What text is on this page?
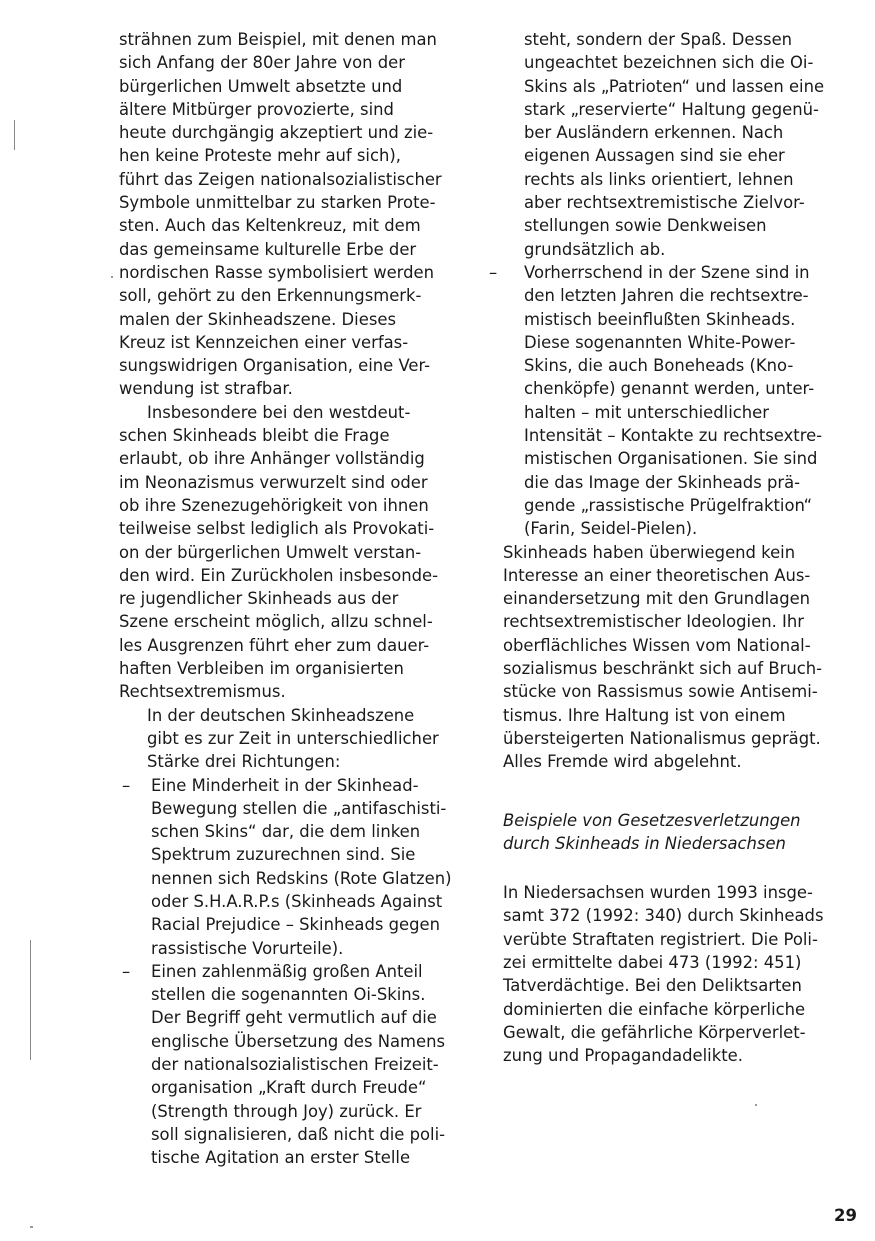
strähnen zum Beispiel, mit denen man
sich Anfang der 80er Jahre von der
bürgerlichen Umwelt absetzte und
ältere Mitbürger provozierte, sind
heute durchgängig akzeptiert und zie-
hen keine Proteste mehr auf sich),
führt das Zeigen nationalsozialistischer
Symbole unmittelbar zu starken Prote-
sten. Auch das Keltenkreuz, mit dem
das gemeinsame kulturelle Erbe der
nordischen Rasse symbolisiert werden
soll, gehört zu den Erkennungsmerk-
malen der Skinheadszene. Dieses
Kreuz ist Kennzeichen einer verfas-
sungswidrigen Organisation, eine Ver-
wendung ist strafbar.
Insbesondere bei den westdeut-
schen Skinheads bleibt die Frage
erlaubt, ob ihre Anhänger vollständig
im Neonazismus verwurzelt sind oder
ob ihre Szenezugehörigkeit von ihnen
teilweise selbst lediglich als Provokati-
on der bürgerlichen Umwelt verstan-
den wird. Ein Zurückholen insbesonde-
re jugendlicher Skinheads aus der
Szene erscheint möglich, allzu schnel-
les Ausgrenzen führt eher zum dauer-
haften Verbleiben im organisierten
Rechtsextremismus.
In der deutschen Skinheadszene
gibt es zur Zeit in unterschiedlicher
Stärke drei Richtungen:
– Eine Minderheit in der Skinhead-
Bewegung stellen die „antifaschisti-
schen Skins“ dar, die dem linken
Spektrum zuzurechnen sind. Sie
nennen sich Redskins (Rote Glatzen)
oder S.H.A.R.P.s (Skinheads Against
Racial Prejudice – Skinheads gegen
rassistische Vorurteile).
– Einen zahlenmäßig großen Anteil
stellen die sogenannten Oi-Skins.
Der Begriff geht vermutlich auf die
englische Übersetzung des Namens
der nationalsozialistischen Freizeit-
organisation „Kraft durch Freude“
(Strength through Joy) zurück. Er
soll signalisieren, daß nicht die poli-
tische Agitation an erster Stelle
steht, sondern der Spaß. Dessen
ungeachtet bezeichnen sich die Oi-
Skins als „Patrioten“ und lassen eine
stark „reservierte“ Haltung gegenü-
ber Ausländern erkennen. Nach
eigenen Aussagen sind sie eher
rechts als links orientiert, lehnen
aber rechtsextremistische Zielvor-
stellungen sowie Denkweisen
grundsätzlich ab.
– Vorherrschend in der Szene sind in
den letzten Jahren die rechtsextre-
mistisch beeinflußten Skinheads.
Diese sogenannten White-Power-
Skins, die auch Boneheads (Kno-
chenköpfe) genannt werden, unter-
halten – mit unterschiedlicher
Intensität – Kontakte zu rechtsextre-
mistischen Organisationen. Sie sind
die das Image der Skinheads prä-
gende „rassistische Prügelfraktion“
(Farin, Seidel-Pielen).
Skinheads haben überwiegend kein
Interesse an einer theoretischen Aus-
einandersetzung mit den Grundlagen
rechtsextremistischer Ideologien. Ihr
oberflächliches Wissen vom National-
sozialismus beschränkt sich auf Bruch-
stücke von Rassismus sowie Antisemi-
tismus. Ihre Haltung ist von einem
übersteigerten Nationalismus geprägt.
Alles Fremde wird abgelehnt.
Beispiele von Gesetzesverletzungen
durch Skinheads in Niedersachsen
In Niedersachsen wurden 1993 insge-
samt 372 (1992: 340) durch Skinheads
verübte Straftaten registriert. Die Poli-
zei ermittelte dabei 473 (1992: 451)
Tatverdächtige. Bei den Deliktsarten
dominierten die einfache körperliche
Gewalt, die gefährliche Körperverlet-
zung und Propagandadelikte.
29
